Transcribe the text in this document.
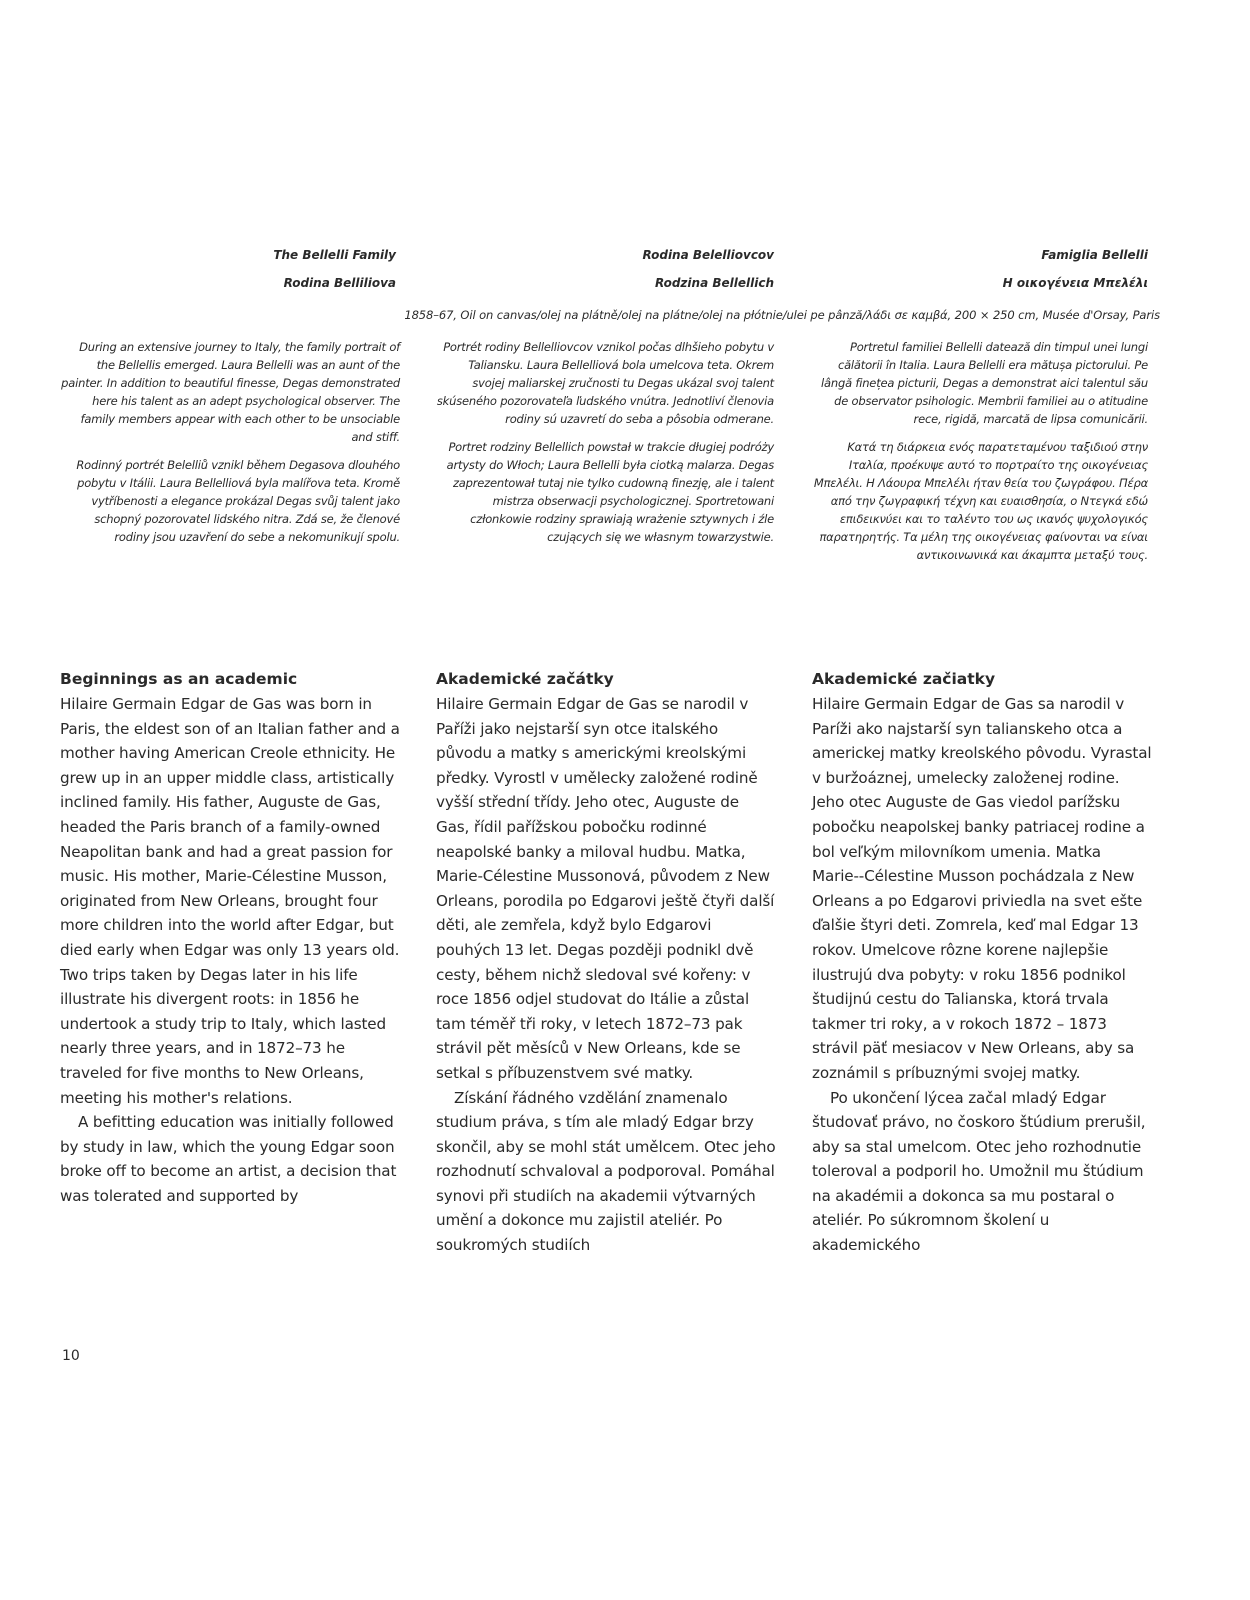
The Bellelli Family
Rodina Belliliova
Rodina Belelliovcov
Rodzina Bellellich
Famiglia Bellelli
Η οικογένεια Μπελέλι
1858–67, Oil on canvas/olej na plátně/olej na plátne/olej na płótnie/ulei pe pânză/λάδι σε καμβά, 200 × 250 cm, Musée d'Orsay, Paris

During an extensive journey to Italy, the family portrait of the Bellellis emerged. Laura Bellelli was an aunt of the painter. In addition to beautiful finesse, Degas demonstrated here his talent as an adept psychological observer. The family members appear with each other to be unsociable and stiff.

Rodinný portrét Belelliů vznikl během Degasova dlouhého pobytu v Itálii. Laura Bellelliová byla malířova teta. Kromě vytříbenosti a elegance prokázal Degas svůj talent jako schopný pozorovatel lidského nitra. Zdá se, že členové rodiny jsou uzavření do sebe a nekomunikují spolu.

Portrét rodiny Bellelliovcov vznikol počas dlhšieho pobytu v Taliansku. Laura Bellelliová bola umelcova teta. Okrem svojej maliarskej zručnosti tu Degas ukázal svoj talent skúseného pozorovateľa ľudského vnútra. Jednotliví členovia rodiny sú uzavretí do seba a pôsobia odmerane.

Portret rodziny Bellellich powstał w trakcie długiej podróży artysty do Włoch; Laura Bellelli była ciotką malarza. Degas zaprezentował tutaj nie tylko cudowną finezję, ale i talent mistrza obserwacji psychologicznej. Sportretowani członkowie rodziny sprawiają wrażenie sztywnych i źle czujących się we własnym towarzystwie.

Portretul familiei Bellelli datează din timpul unei lungi călătorii în Italia. Laura Bellelli era mătușa pictorului. Pe lângă finețea picturii, Degas a demonstrat aici talentul său de observator psihologic. Membrii familiei au o atitudine rece, rigidă, marcată de lipsa comunicării.

Κατά τη διάρκεια ενός παρατεταμένου ταξιδιού στην Ιταλία, προέκυψε αυτό το πορτραίτο της οικογένειας Μπελέλι. Η Λάουρα Μπελέλι ήταν θεία του ζωγράφου. Πέρα από την ζωγραφική τέχνη και ευαισθησία, ο Ντεγκά εδώ επιδεικνύει και το ταλέντο του ως ικανός ψυχολογικός παρατηρητής. Τα μέλη της οικογένειας φαίνονται να είναι αντικοινωνικά και άκαμπτα μεταξύ τους.

Beginnings as an academic

Hilaire Germain Edgar de Gas was born in Paris, the eldest son of an Italian father and a mother having American Creole ethnicity. He grew up in an upper middle class, artistically inclined family. His father, Auguste de Gas, headed the Paris branch of a family-owned Neapolitan bank and had a great passion for music. His mother, Marie-Célestine Musson, originated from New Orleans, brought four more children into the world after Edgar, but died early when Edgar was only 13 years old. Two trips taken by Degas later in his life illustrate his divergent roots: in 1856 he undertook a study trip to Italy, which lasted nearly three years, and in 1872–73 he traveled for five months to New Orleans, meeting his mother's relations.

A befitting education was initially followed by study in law, which the young Edgar soon broke off to become an artist, a decision that was tolerated and supported by

Akademické začátky

Hilaire Germain Edgar de Gas se narodil v Paříži jako nejstarší syn otce italského původu a matky s americkými kreolskými předky. Vyrostl v umělecky založené rodině vyšší střední třídy. Jeho otec, Auguste de Gas, řídil pařížskou pobočku rodinné neapolské banky a miloval hudbu. Matka, Marie-Célestine Mussonová, původem z New Orleans, porodila po Edgarovi ještě čtyři další děti, ale zemřela, když bylo Edgarovi pouhých 13 let. Degas později podnikl dvě cesty, během nichž sledoval své kořeny: v roce 1856 odjel studovat do Itálie a zůstal tam téměř tři roky, v letech 1872–73 pak strávil pět měsíců v New Orleans, kde se setkal s příbuzenstvem své matky.

Získání řádného vzdělání znamenalo studium práva, s tím ale mladý Edgar brzy skončil, aby se mohl stát umělcem. Otec jeho rozhodnutí schvaloval a podporoval. Pomáhal synovi při studiích na akademii výtvarných umění a dokonce mu zajistil ateliér. Po soukromých studiích

Akademické začiatky

Hilaire Germain Edgar de Gas sa narodil v Paríži ako najstarší syn talianskeho otca a americkej matky kreolského pôvodu. Vyrastal v buržoáznej, umelecky založenej rodine. Jeho otec Auguste de Gas viedol parížsku pobočku neapolskej banky patriacej rodine a bol veľkým milovníkom umenia. Matka Marie--Célestine Musson pochádzala z New Orleans a po Edgarovi priviedla na svet ešte ďalšie štyri deti. Zomrela, keď mal Edgar 13 rokov. Umelcove rôzne korene najlepšie ilustrujú dva pobyty: v roku 1856 podnikol študijnú cestu do Talianska, ktorá trvala takmer tri roky, a v rokoch 1872 – 1873 strávil päť mesiacov v New Orleans, aby sa zoznámil s príbuznými svojej matky.

Po ukončení lýcea začal mladý Edgar študovať právo, no čoskoro štúdium prerušil, aby sa stal umelcom. Otec jeho rozhodnutie toleroval a podporil ho. Umožnil mu štúdium na akadémii a dokonca sa mu postaral o ateliér. Po súkromnom školení u akademického

10
